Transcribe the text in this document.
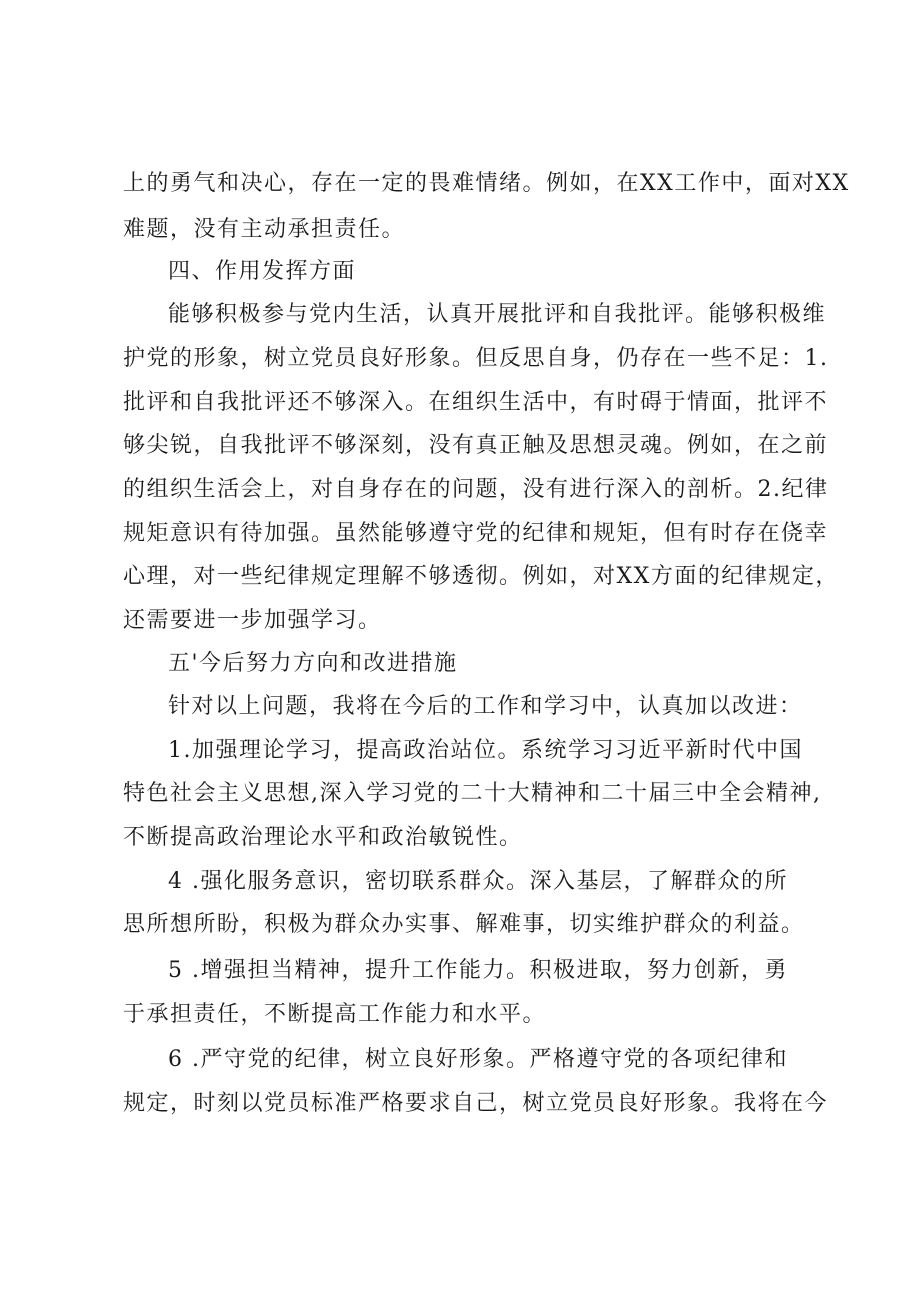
上的勇气和决心，存在一定的畏难情绪。例如，在XX工作中，面对XX
难题，没有主动承担责任。
四、作用发挥方面
能够积极参与党内生活，认真开展批评和自我批评。能够积极维
护党的形象，树立党员良好形象。但反思自身，仍存在一些不足：1.
批评和自我批评还不够深入。在组织生活中，有时碍于情面，批评不
够尖锐，自我批评不够深刻，没有真正触及思想灵魂。例如，在之前
的组织生活会上，对自身存在的问题，没有进行深入的剖析。2.纪律
规矩意识有待加强。虽然能够遵守党的纪律和规矩，但有时存在侥幸
心理，对一些纪律规定理解不够透彻。例如，对XX方面的纪律规定，
还需要进一步加强学习。
五'今后努力方向和改进措施
针对以上问题，我将在今后的工作和学习中，认真加以改进：
1.加强理论学习，提高政治站位。系统学习习近平新时代中国
特色社会主义思想,深入学习党的二十大精神和二十届三中全会精神,
不断提高政治理论水平和政治敏锐性。
4 .强化服务意识，密切联系群众。深入基层，了解群众的所
思所想所盼，积极为群众办实事、解难事，切实维护群众的利益。
5 .增强担当精神，提升工作能力。积极进取，努力创新，勇
于承担责任，不断提高工作能力和水平。
6 .严守党的纪律，树立良好形象。严格遵守党的各项纪律和
规定，时刻以党员标准严格要求自己，树立党员良好形象。我将在今
